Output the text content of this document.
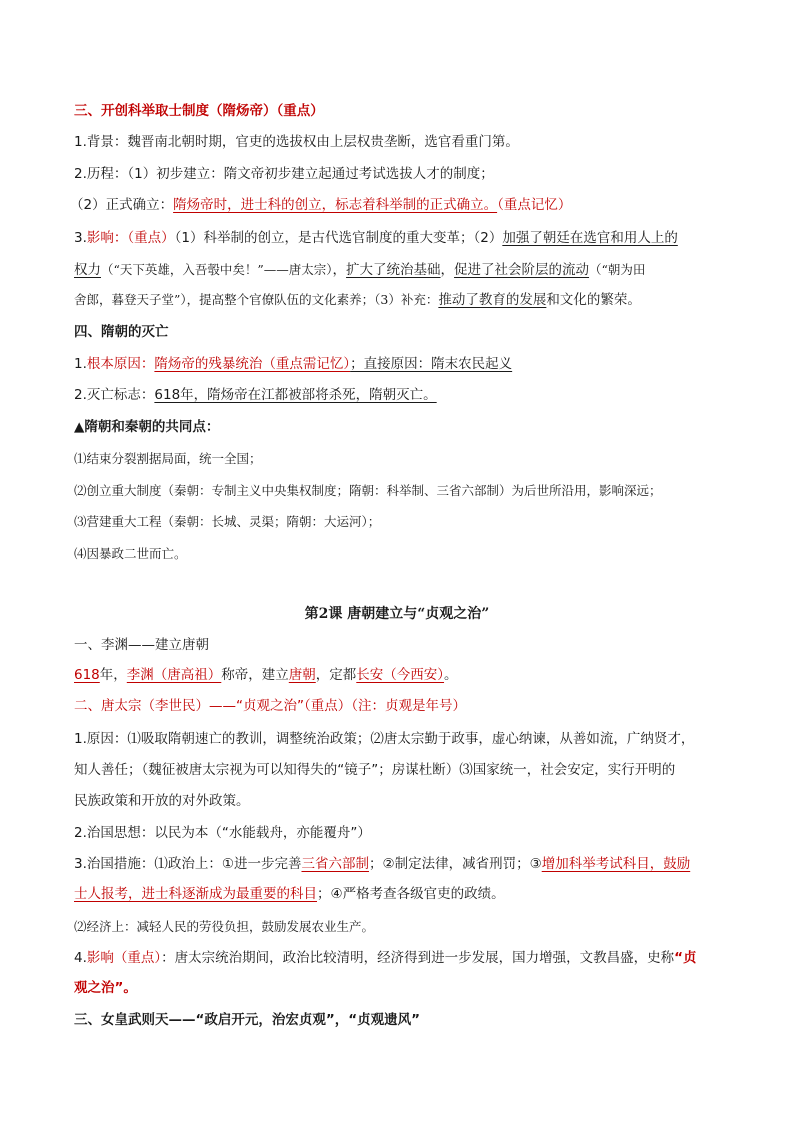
三、开创科举取士制度（隋炀帝）（重点）
1.背景：魏晋南北朝时期，官吏的选拔权由上层权贵垄断，选官看重门第。
2.历程：（1）初步建立：隋文帝初步建立起通过考试选拔人才的制度；
（2）正式确立：隋炀帝时，进士科的创立，标志着科举制的正式确立。（重点记忆）
3.影响：（重点）（1）科举制的创立，是古代选官制度的重大变革；（2）加强了朝廷在选官和用人上的
权力（“天下英雄，入吾彀中矣！”——唐太宗），扩大了统治基础，促进了社会阶层的流动（“朝为田
舍郎，暮登天子堂”），提高整个官僚队伍的文化素养；（3）补充：推动了教育的发展和文化的繁荣。
四、隋朝的灭亡
1.根本原因：隋炀帝的残暴统治（重点需记忆）；直接原因：隋末农民起义
2.灭亡标志：618年，隋炀帝在江都被部将杀死，隋朝灭亡。
▲隋朝和秦朝的共同点：
⑴结束分裂割据局面，统一全国；
⑵创立重大制度（秦朝：专制主义中央集权制度；隋朝：科举制、三省六部制）为后世所沿用，影响深远；
⑶营建重大工程（秦朝：长城、灵渠；隋朝：大运河）；
⑷因暴政二世而亡。
第2课 唐朝建立与“贞观之治”
一、李渊——建立唐朝
618年，李渊（唐高祖）称帝，建立唐朝，定都长安（今西安）。
二、唐太宗（李世民）——“贞观之治”（重点）（注：贞观是年号）
1.原因：⑴吸取隋朝速亡的教训，调整统治政策；⑵唐太宗勤于政事，虚心纳谏，从善如流，广纳贤才，
知人善任；（魏征被唐太宗视为可以知得失的“镜子”；房谋杜断）⑶国家统一，社会安定，实行开明的
民族政策和开放的对外政策。
2.治国思想：以民为本（“水能载舟，亦能覆舟”）
3.治国措施：⑴政治上：①进一步完善三省六部制；②制定法律，减省刑罚；③增加科举考试科目，鼓励
士人报考，进士科逐渐成为最重要的科目；④严格考查各级官吏的政绩。
⑵经济上：减轻人民的劳役负担，鼓励发展农业生产。
4.影响（重点）：唐太宗统治期间，政治比较清明，经济得到进一步发展，国力增强，文教昌盛，史称“贞
观之治”。
三、女皇武则天——“政启开元，治宏贞观”，“贞观遗风”
